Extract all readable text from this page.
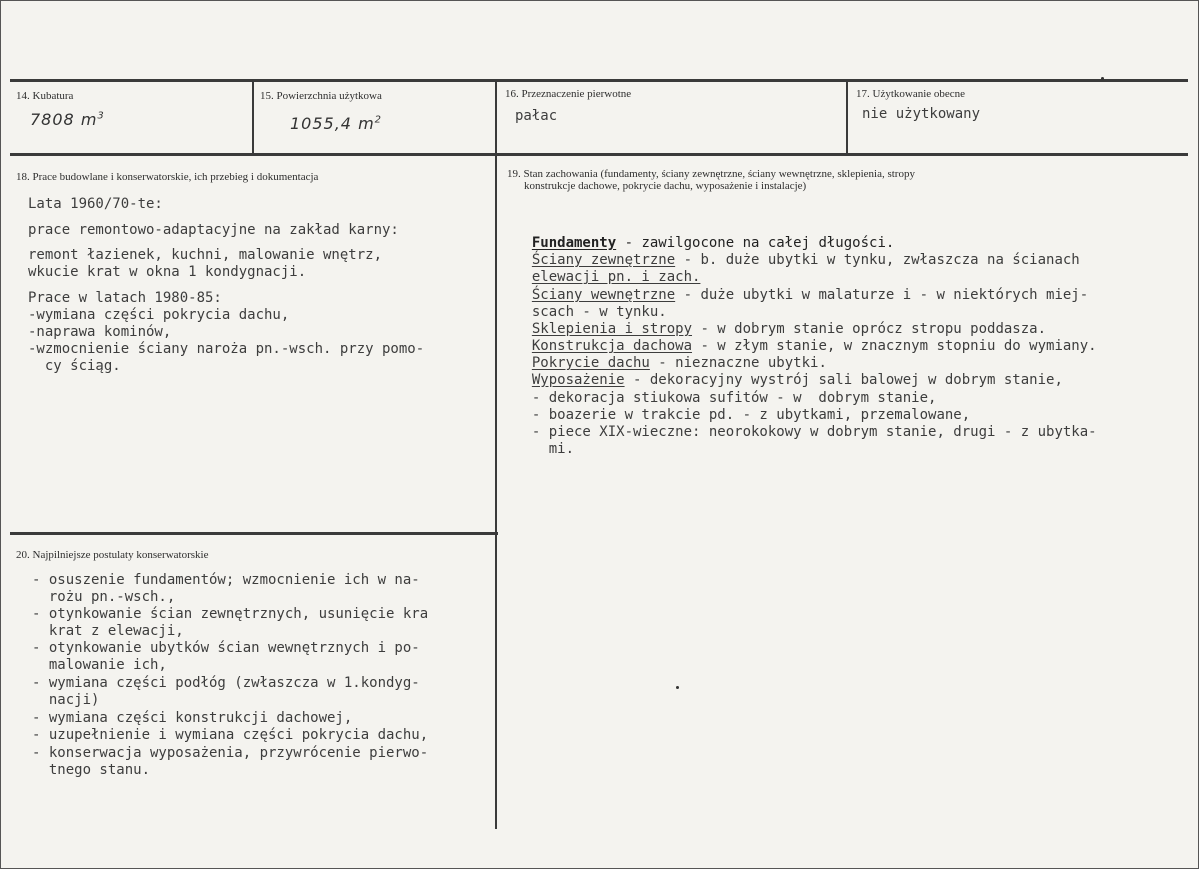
14. Kubatura
7808 $m^3$
15. Powierzchnia użytkowa
1055,4 $m^2$
16. Przeznaczenie pierwotne
pałac
17. Użytkowanie obecne
nie użytkowany
18. Prace budowlane i konserwatorskie, ich przebieg i dokumentacja
Lata 1960/70-te:
prace remontowo-adaptacyjne na zakład karny:
remont łazienek, kuchni, malowanie wnętrz,
wkucie krat w okna 1 kondygnacji.
Prace w latach 1980-85:
-wymiana części pokrycia dachu,
-naprawa kominów,
-wzmocnienie ściany naroża pn.-wsch. przy pomo-
cy ściąg.
19. Stan zachowania (fundamenty, ściany zewnętrzne, ściany wewnętrzne, sklepienia, stropy
konstrukcje dachowe, pokrycie dachu, wyposażenie i instalacje)

Fundamenty - zawilgocone na całej długości.

Ściany zewnętrzne - b. duże ubytki w tynku, zwłaszcza na ścianach

elewacji pn. i zach.

Ściany wewnętrzne - duże ubytki w malaturze i - w niektórych miej-

scach - w tynku.

Sklepienia i stropy - w dobrym stanie oprócz stropu poddasza.

Konstrukcja dachowa - w złym stanie, w znacznym stopniu do wymiany.

Pokrycie dachu - nieznaczne ubytki.

Wyposażenie - dekoracyjny wystrój sali balowej w dobrym stanie,

- dekoracja stiukowa sufitów - w  dobrym stanie,

- boazerie w trakcie pd. - z ubytkami, przemalowane,

- piece XIX-wieczne: neorokokowy w dobrym stanie, drugi - z ubytka-

mi.

20. Najpilniejsze postulaty konserwatorskie
- osuszenie fundamentów; wzmocnienie ich w na-
rożu pn.-wsch.,
- otynkowanie ścian zewnętrznych, usunięcie kra
krat z elewacji,
- otynkowanie ubytków ścian wewnętrznych i po-
malowanie ich,
- wymiana części podłóg (zwłaszcza w 1.kondyg-
nacji)
- wymiana części konstrukcji dachowej,
- uzupełnienie i wymiana części pokrycia dachu,
- konserwacja wyposażenia, przywrócenie pierwo-
tnego stanu.
